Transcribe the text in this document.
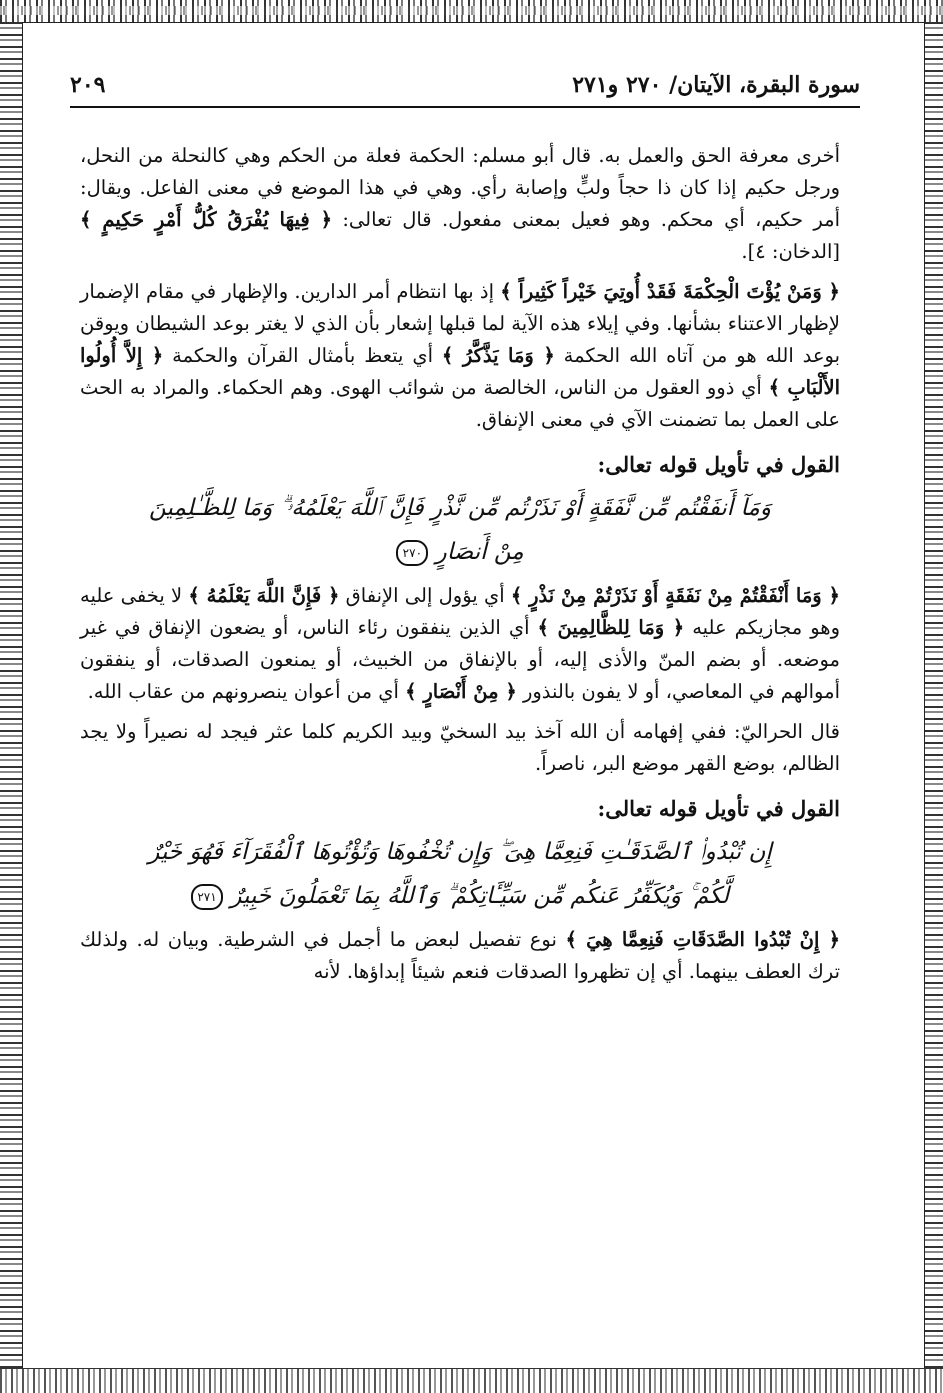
سورة البقرة، الآيتان/ ٢٧٠ و٢٧١
٢٠٩

أخرى معرفة الحق والعمل به. قال أبو مسلم: الحكمة فعلة من الحكم وهي كالنحلة من النحل، ورجل حكيم إذا كان ذا حجاً ولبٍّ وإصابة رأي. وهي في هذا الموضع في معنى الفاعل. ويقال: أمر حكيم، أي محكم. وهو فعيل بمعنى مفعول. قال تعالى: ﴿ فِيهَا يُفْرَقُ كُلُّ أَمْرٍ حَكِيمٍ ﴾ [الدخان: ٤].

﴿ وَمَنْ يُؤْتَ الْحِكْمَةَ فَقَدْ أُوتِيَ خَيْراً كَثِيراً ﴾ إذ بها انتظام أمر الدارين. والإظهار في مقام الإضمار لإظهار الاعتناء بشأنها. وفي إيلاء هذه الآية لما قبلها إشعار بأن الذي لا يغتر بوعد الشيطان ويوقن بوعد الله هو من آتاه الله الحكمة ﴿ وَمَا يَذَّكَّرُ ﴾ أي يتعظ بأمثال القرآن والحكمة ﴿ إِلاَّ أُولُوا الأَلْبَابِ ﴾ أي ذوو العقول من الناس، الخالصة من شوائب الهوى. وهم الحكماء. والمراد به الحث على العمل بما تضمنت الآي في معنى الإنفاق.

القول في تأويل قوله تعالى:
وَمَآ أَنفَقْتُم مِّن نَّفَقَةٍ أَوْ نَذَرْتُم مِّن نَّذْرٍ فَإِنَّ ٱللَّهَ يَعْلَمُهُۥ ۗ وَمَا لِلظَّـٰلِمِينَ
مِنْ أَنصَارٍ ٢٧٠

﴿ وَمَا أَنْفَقْتُمْ مِنْ نَفَقَةٍ أَوْ نَذَرْتُمْ مِنْ نَذْرٍ ﴾ أي يؤول إلى الإنفاق ﴿ فَإِنَّ اللَّهَ يَعْلَمُهُ ﴾ لا يخفى عليه وهو مجازيكم عليه ﴿ وَمَا لِلظَّالِمِينَ ﴾ أي الذين ينفقون رئاء الناس، أو يضعون الإنفاق في غير موضعه. أو بضم المنّ والأذى إليه، أو بالإنفاق من الخبيث، أو يمنعون الصدقات، أو ينفقون أموالهم في المعاصي، أو لا يفون بالنذور ﴿ مِنْ أَنْصَارٍ ﴾ أي من أعوان ينصرونهم من عقاب الله.

قال الحراليّ: ففي إفهامه أن الله آخذ بيد السخيّ وبيد الكريم كلما عثر فيجد له نصيراً ولا يجد الظالم، بوضع القهر موضع البر، ناصراً.

القول في تأويل قوله تعالى:
إِن تُبْدُوا۟ ٱلصَّدَقَـٰتِ فَنِعِمَّا هِىَ ۖ وَإِن تُخْفُوهَا وَتُؤْتُوهَا ٱلْفُقَرَآءَ فَهُوَ خَيْرٌ
لَّكُمْ ۚ وَيُكَفِّرُ عَنكُم مِّن سَيِّـَٔاتِكُمْ ۗ وَٱللَّهُ بِمَا تَعْمَلُونَ خَبِيرٌ ٢٧١

﴿ إِنْ تُبْدُوا الصَّدَقَاتِ فَنِعِمَّا هِيَ ﴾ نوع تفصيل لبعض ما أجمل في الشرطية. وبيان له. ولذلك ترك العطف بينهما. أي إن تظهروا الصدقات فنعم شيئاً إبداؤها. لأنه
